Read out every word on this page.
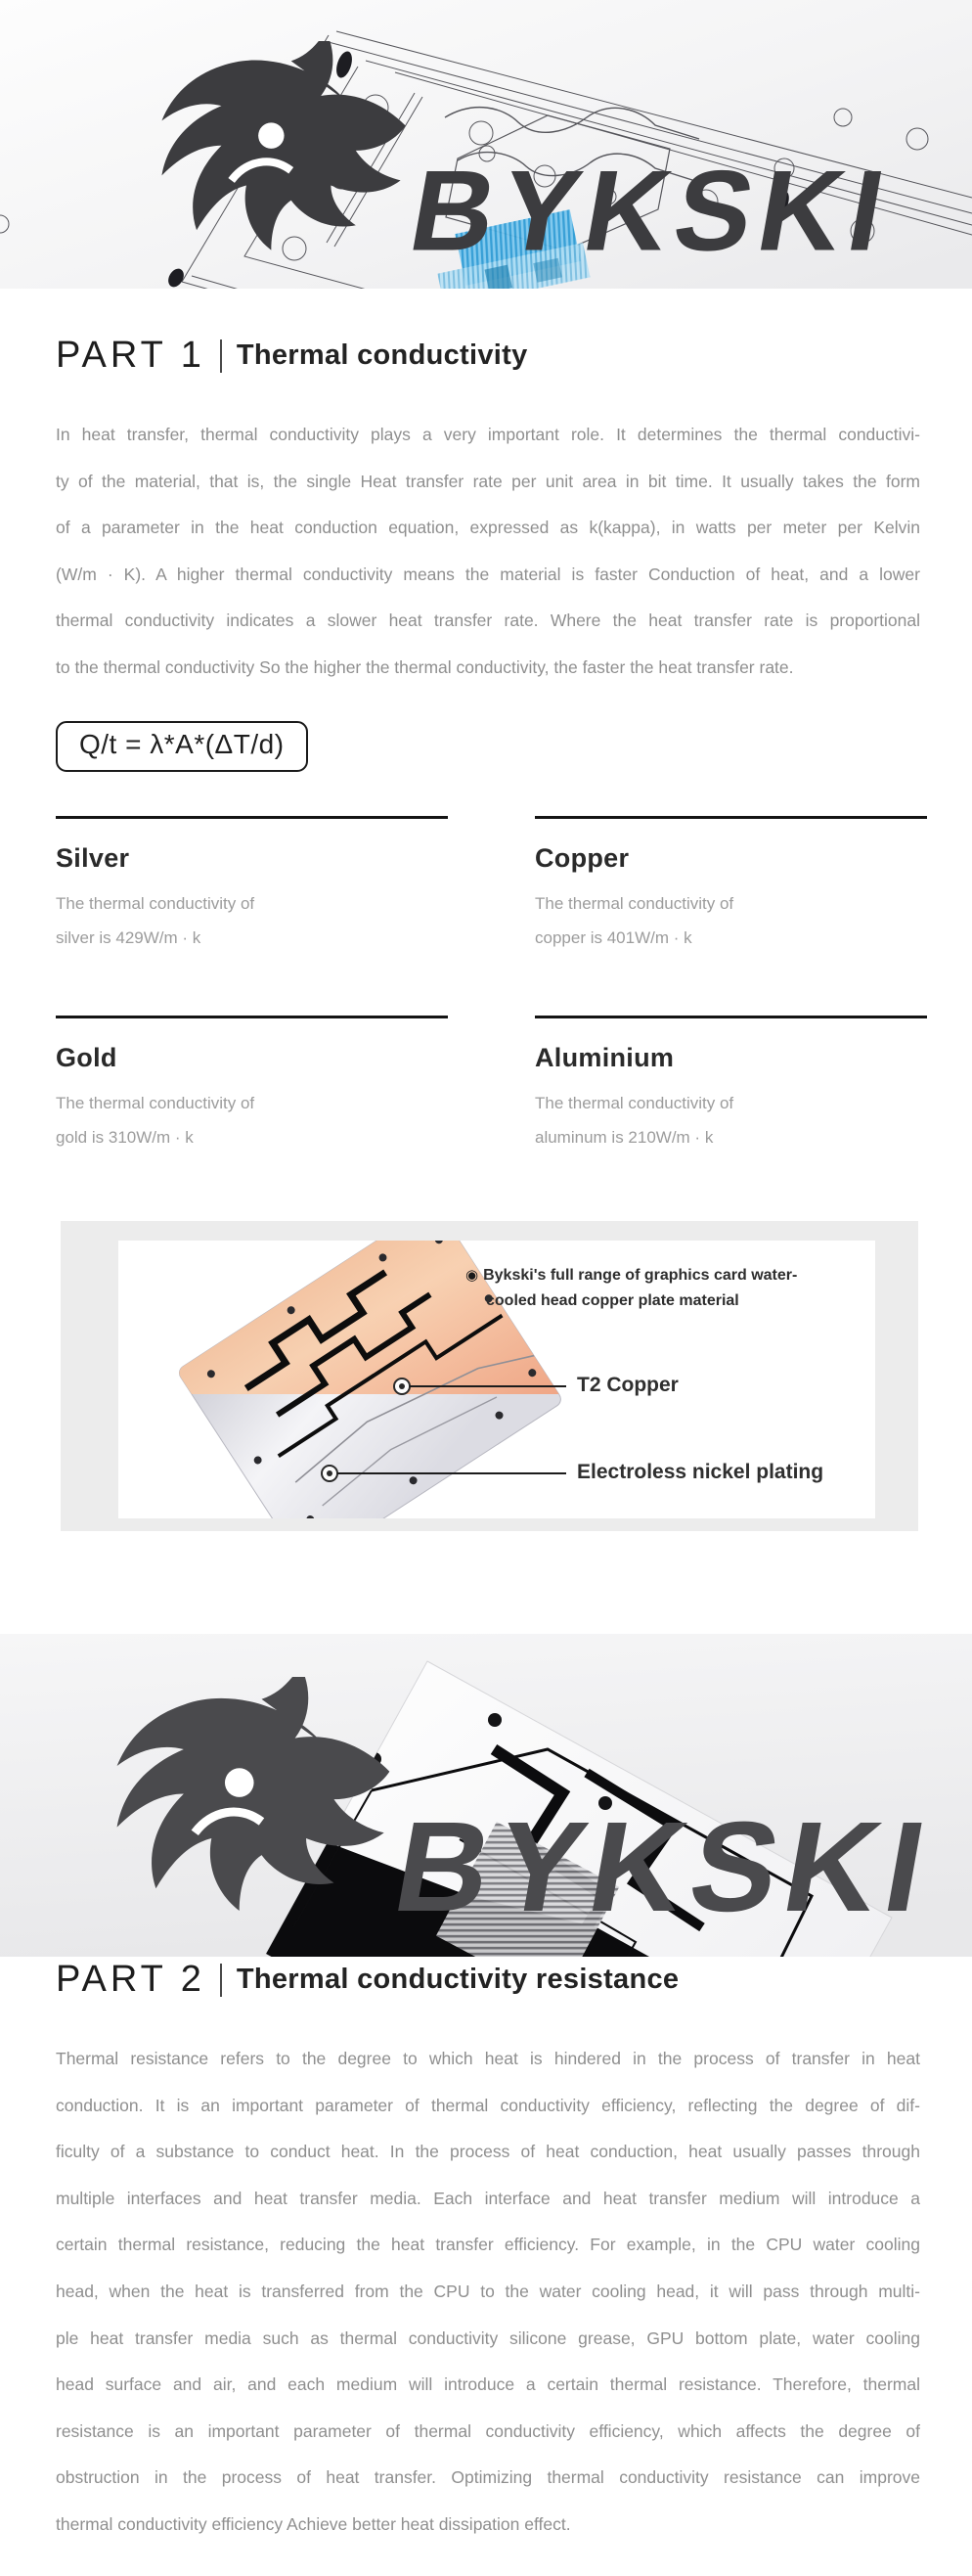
BYKSKI
PART 1 Thermal conductivity
In heat transfer, thermal conductivity plays a very important role. It determines the thermal conductivi-
ty of the material, that is, the single Heat transfer rate per unit area in bit time. It usually takes the form
of a parameter in the heat conduction equation, expressed as k(kappa), in watts per meter per Kelvin
(W/m · K). A higher thermal conductivity means the material is faster Conduction of heat, and a lower
thermal conductivity indicates a slower heat transfer rate. Where the heat transfer rate is proportional
to the thermal conductivity So the higher the thermal conductivity, the faster the heat transfer rate.
Q/t = λ*A*(ΔT/d)
Silver
The thermal conductivity of
silver is 429W/m · k
Copper
The thermal conductivity of
copper is 401W/m · k
Gold
The thermal conductivity of
gold is 310W/m · k
Aluminium
The thermal conductivity of
aluminum is 210W/m · k
◉ Bykski's full range of graphics card water-
cooled head copper plate material
T2 Copper
Electroless nickel plating
BYKSKI
PART 2 Thermal conductivity resistance
Thermal resistance refers to the degree to which heat is hindered in the process of transfer in heat
conduction. It is an important parameter of thermal conductivity efficiency, reflecting the degree of dif-
ficulty of a substance to conduct heat. In the process of heat conduction, heat usually passes through
multiple interfaces and heat transfer media. Each interface and heat transfer medium will introduce a
certain thermal resistance, reducing the heat transfer efficiency. For example, in the CPU water cooling
head, when the heat is transferred from the CPU to the water cooling head, it will pass through multi-
ple heat transfer media such as thermal conductivity silicone grease, GPU bottom plate, water cooling
head surface and air, and each medium will introduce a certain thermal resistance. Therefore, thermal
resistance is an important parameter of thermal conductivity efficiency, which affects the degree of
obstruction in the process of heat transfer. Optimizing thermal conductivity resistance can improve
thermal conductivity efficiency Achieve better heat dissipation effect.
